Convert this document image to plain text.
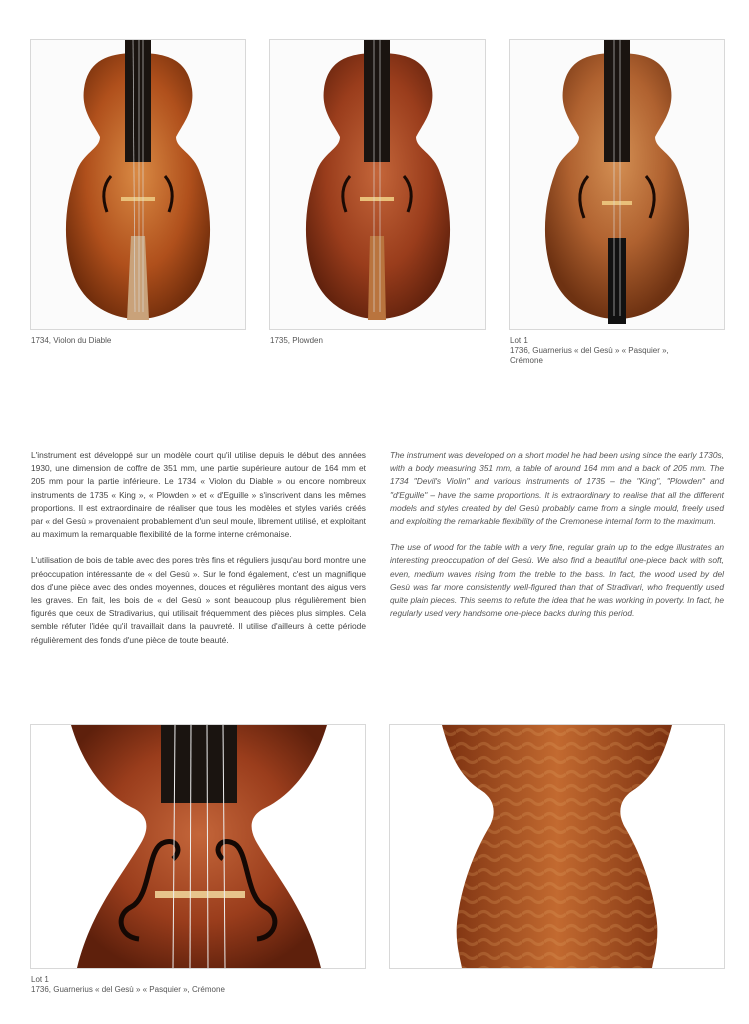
1734, Violon du Diable	1735, Plowden	Lot 1
1736, Guarnerius « del Gesù » « Pasquier »,
Crémone

L'instrument est développé sur un modèle court qu'il utilise depuis le début des années 1930, une dimension de coffre de 351 mm, une partie supérieure autour de 164 mm et 205 mm pour la partie inférieure. Le 1734 « Violon du Diable » ou encore nombreux instruments de 1735 « King », « Plowden » et « d'Eguille » s'inscrivent dans les mêmes proportions. Il est extraordinaire de réaliser que tous les modèles et styles variés créés par « del Gesù » provenaient probablement d'un seul moule, librement utilisé, et exploitant au maximum la remarquable flexibilité de la forme interne crémonaise.

L'utilisation de bois de table avec des pores très fins et réguliers jusqu'au bord montre une préoccupation intéressante de « del Gesù ». Sur le fond également, c'est un magnifique dos d'une pièce avec des ondes moyennes, douces et régulières montant des aigus vers les graves. En fait, les bois de « del Gesù » sont beaucoup plus régulièrement bien figurés que ceux de Stradivarius, qui utilisait fréquemment des pièces plus simples. Cela semble réfuter l'idée qu'il travaillait dans la pauvreté. Il utilise d'ailleurs à cette période régulièrement des fonds d'une pièce de toute beauté.

The instrument was developed on a short model he had been using since the early 1730s, with a body measuring 351 mm, a table of around 164 mm and a back of 205 mm. The 1734 "Devil's Violin" and various instruments of 1735 – the "King", "Plowden" and "d'Eguille" – have the same proportions. It is extraordinary to realise that all the different models and styles created by del Gesù probably came from a single mould, freely used and exploiting the remarkable flexibility of the Cremonese internal form to the maximum.

The use of wood for the table with a very fine, regular grain up to the edge illustrates an interesting preoccupation of del Gesù. We also find a beautiful one-piece back with soft, even, medium waves rising from the treble to the bass. In fact, the wood used by del Gesù was far more consistently well-figured than that of Stradivari, who frequently used quite plain pieces. This seems to refute the idea that he was working in poverty. In fact, he regularly used very handsome one-piece backs during this period.

Lot 1
1736, Guarnerius « del Gesù » « Pasquier », Crémone
